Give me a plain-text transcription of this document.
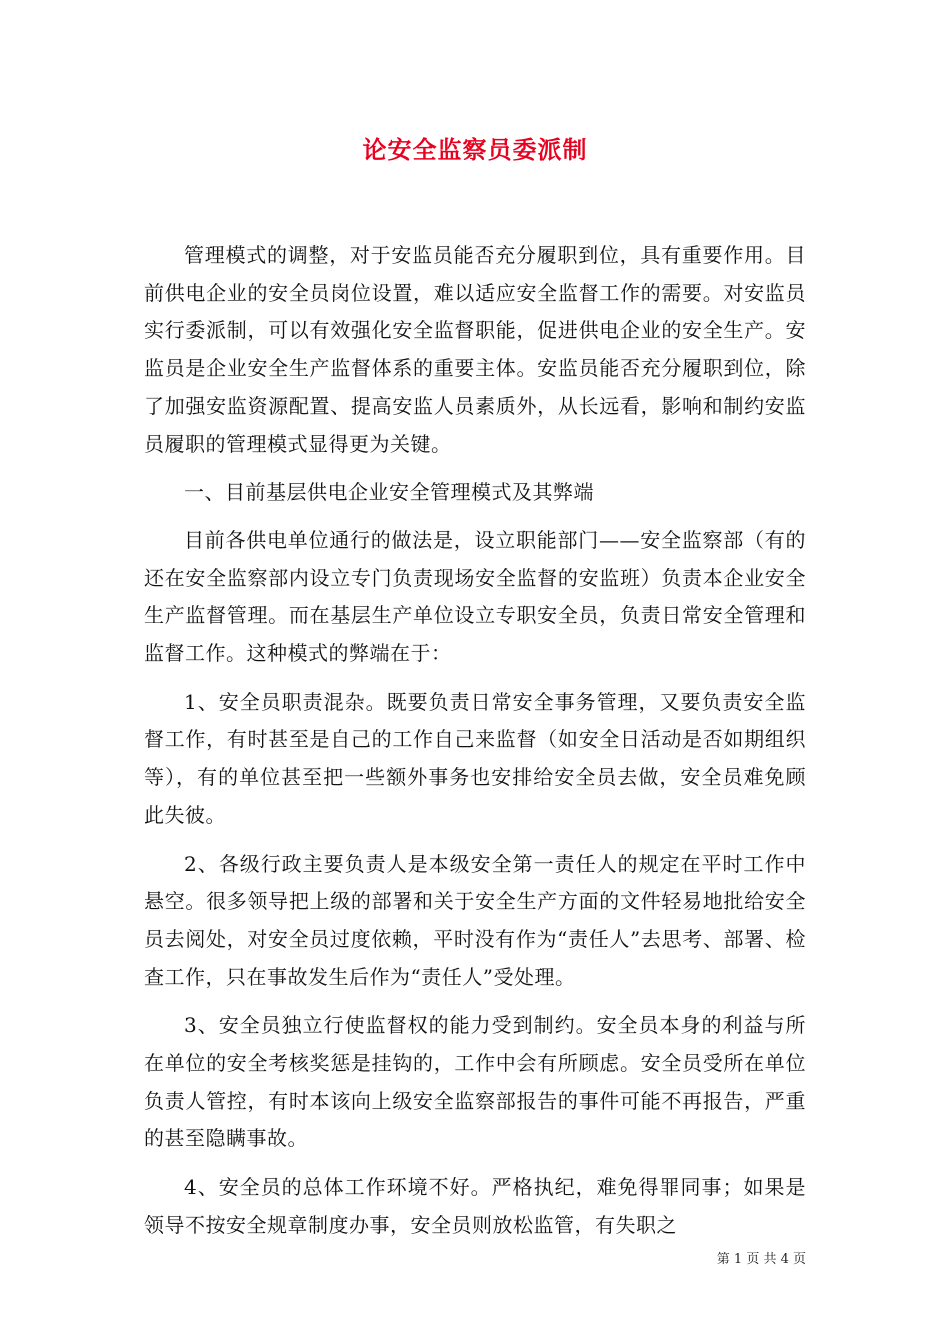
论安全监察员委派制

管理模式的调整，对于安监员能否充分履职到位，具有重要作用。目前供电企业的安全员岗位设置，难以适应安全监督工作的需要。对安监员实行委派制，可以有效强化安全监督职能，促进供电企业的安全生产。安监员是企业安全生产监督体系的重要主体。安监员能否充分履职到位，除了加强安监资源配置、提高安监人员素质外，从长远看，影响和制约安监员履职的管理模式显得更为关键。

一、目前基层供电企业安全管理模式及其弊端

目前各供电单位通行的做法是，设立职能部门——安全监察部（有的还在安全监察部内设立专门负责现场安全监督的安监班）负责本企业安全生产监督管理。而在基层生产单位设立专职安全员，负责日常安全管理和监督工作。这种模式的弊端在于：

1、安全员职责混杂。既要负责日常安全事务管理，又要负责安全监督工作，有时甚至是自己的工作自己来监督（如安全日活动是否如期组织等），有的单位甚至把一些额外事务也安排给安全员去做，安全员难免顾此失彼。

2、各级行政主要负责人是本级安全第一责任人的规定在平时工作中悬空。很多领导把上级的部署和关于安全生产方面的文件轻易地批给安全员去阅处，对安全员过度依赖，平时没有作为“责任人”去思考、部署、检查工作，只在事故发生后作为“责任人”受处理。

3、安全员独立行使监督权的能力受到制约。安全员本身的利益与所在单位的安全考核奖惩是挂钩的，工作中会有所顾虑。安全员受所在单位负责人管控，有时本该向上级安全监察部报告的事件可能不再报告，严重的甚至隐瞒事故。

4、安全员的总体工作环境不好。严格执纪，难免得罪同事；如果是领导不按安全规章制度办事，安全员则放松监管，有失职之

第 1 页 共 4 页
